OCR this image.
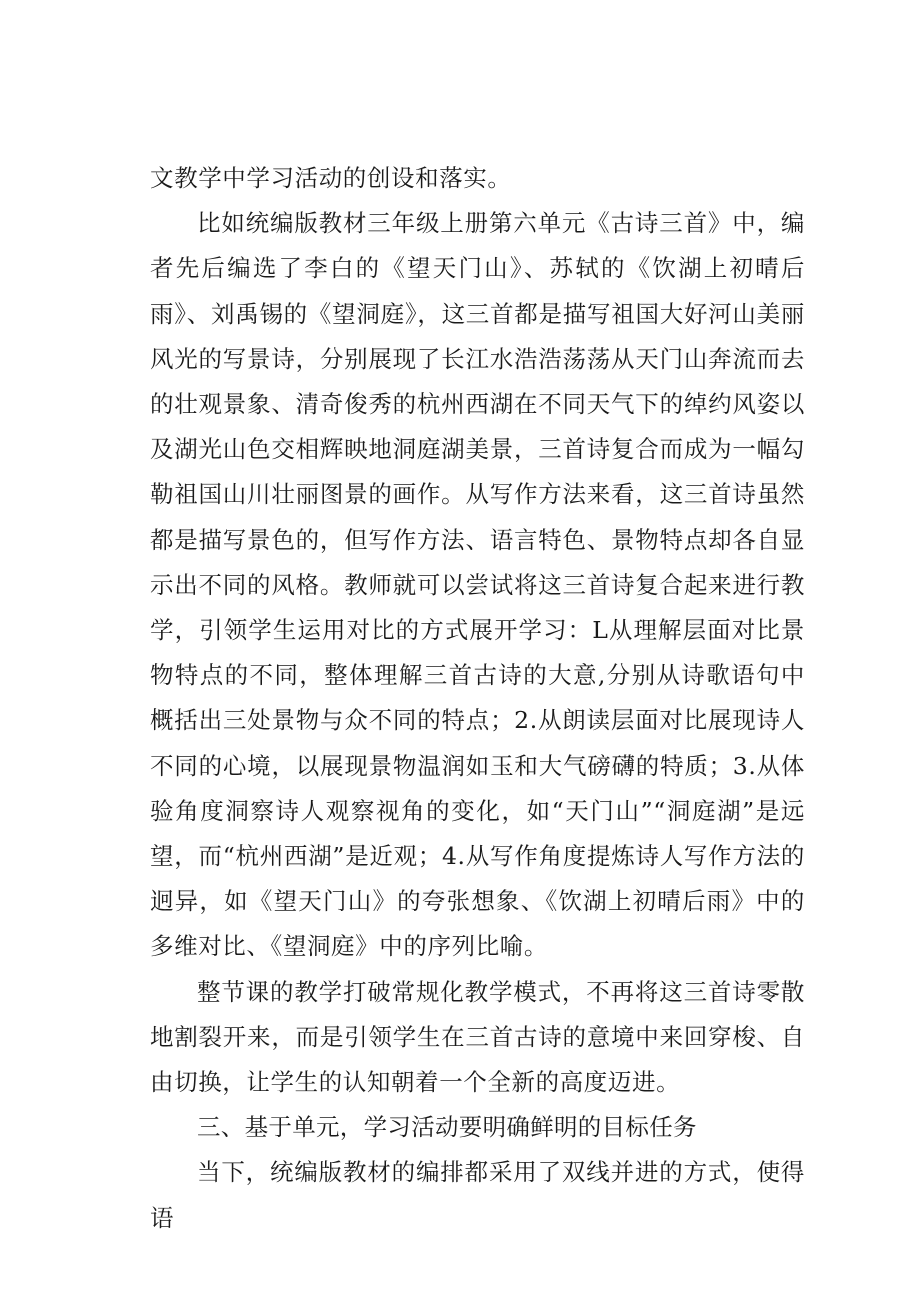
文教学中学习活动的创设和落实。

比如统编版教材三年级上册第六单元《古诗三首》中，编者先后编选了李白的《望天门山》、苏轼的《饮湖上初晴后雨》、刘禹锡的《望洞庭》，这三首都是描写祖国大好河山美丽风光的写景诗，分别展现了长江水浩浩荡荡从天门山奔流而去的壮观景象、清奇俊秀的杭州西湖在不同天气下的绰约风姿以及湖光山色交相辉映地洞庭湖美景，三首诗复合而成为一幅勾勒祖国山川壮丽图景的画作。从写作方法来看，这三首诗虽然都是描写景色的，但写作方法、语言特色、景物特点却各自显示出不同的风格。教师就可以尝试将这三首诗复合起来进行教学，引领学生运用对比的方式展开学习：L从理解层面对比景物特点的不同，整体理解三首古诗的大意,分别从诗歌语句中概括出三处景物与众不同的特点；2.从朗读层面对比展现诗人不同的心境，以展现景物温润如玉和大气磅礴的特质；3.从体验角度洞察诗人观察视角的变化，如“天门山”“洞庭湖”是远望，而“杭州西湖”是近观；4.从写作角度提炼诗人写作方法的迥异，如《望天门山》的夸张想象、《饮湖上初晴后雨》中的多维对比、《望洞庭》中的序列比喻。

整节课的教学打破常规化教学模式，不再将这三首诗零散地割裂开来，而是引领学生在三首古诗的意境中来回穿梭、自由切换，让学生的认知朝着一个全新的高度迈进。

三、基于单元，学习活动要明确鲜明的目标任务

当下，统编版教材的编排都采用了双线并进的方式，使得语
